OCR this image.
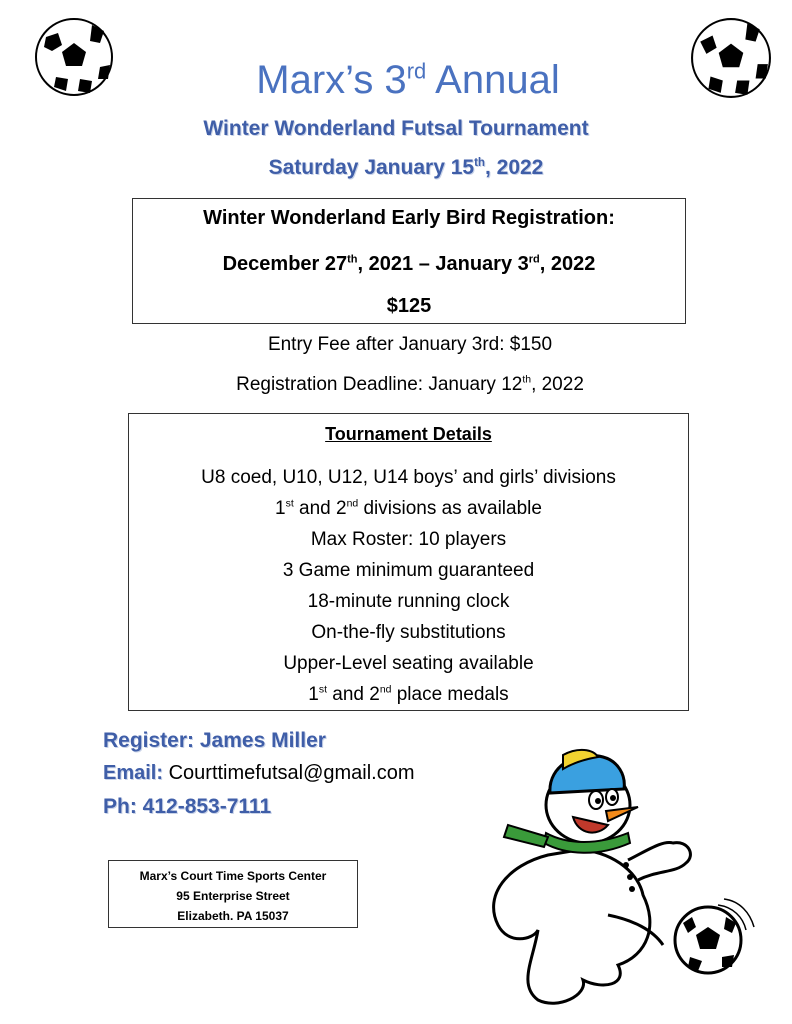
Marx’s 3rd Annual
Winter Wonderland Futsal Tournament
Saturday January 15th, 2022
Winter Wonderland Early Bird Registration:
December 27th, 2021 – January 3rd, 2022
$125
Entry Fee after January 3rd: $150
Registration Deadline: January 12th, 2022
Tournament Details
U8 coed, U10, U12, U14 boys’ and girls’ divisions
1st and 2nd divisions as available
Max Roster: 10 players
3 Game minimum guaranteed
18-minute running clock
On-the-fly substitutions
Upper-Level seating available
1st and 2nd place medals
Register: James Miller
Email: Courttimefutsal@gmail.com
Ph: 412-853-7111
Marx’s Court Time Sports Center
95 Enterprise Street
Elizabeth. PA 15037
